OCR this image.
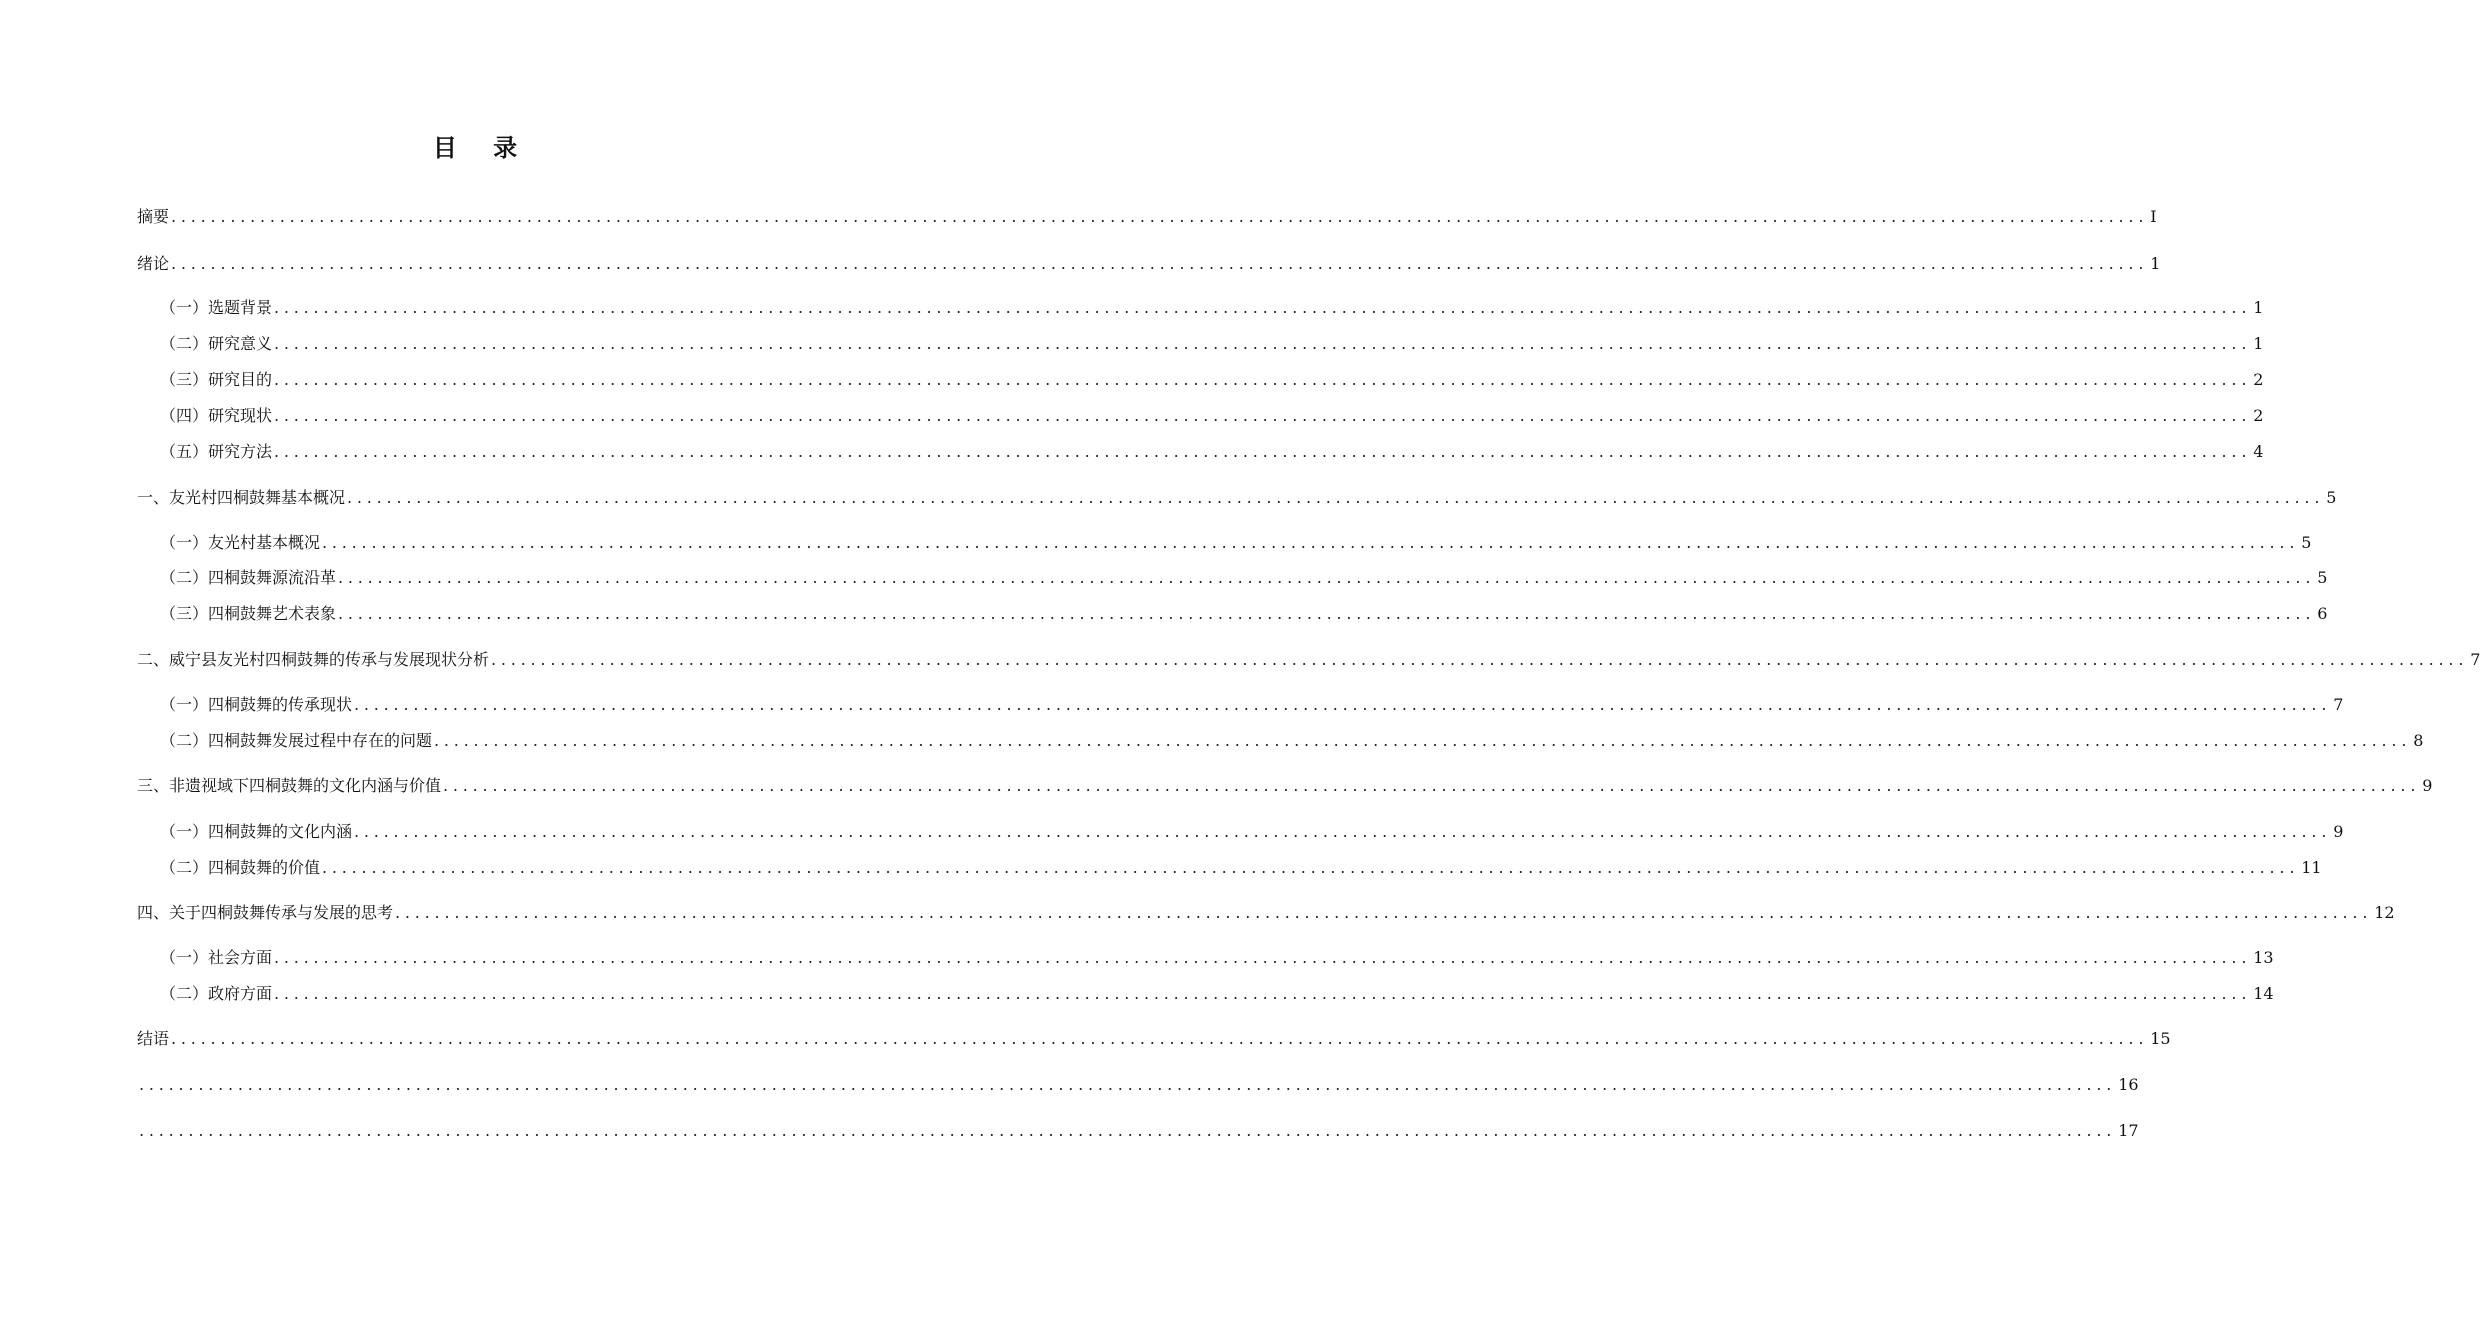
目 录
摘要 ........................................................................................................................................................................................................ I
绪论 ........................................................................................................................................................................................................ 1
（一）选题背景 ........................................................................................................................................................................................................ 1
（二）研究意义 ........................................................................................................................................................................................................ 1
（三）研究目的 ........................................................................................................................................................................................................ 2
（四）研究现状 ........................................................................................................................................................................................................ 2
（五）研究方法 ........................................................................................................................................................................................................ 4
一、友光村四桐鼓舞基本概况 ........................................................................................................................................................................................................ 5
（一）友光村基本概况 ........................................................................................................................................................................................................ 5
（二）四桐鼓舞源流沿革 ........................................................................................................................................................................................................ 5
（三）四桐鼓舞艺术表象 ........................................................................................................................................................................................................ 6
二、威宁县友光村四桐鼓舞的传承与发展现状分析 ........................................................................................................................................................................................................ 7
（一）四桐鼓舞的传承现状 ........................................................................................................................................................................................................ 7
（二）四桐鼓舞发展过程中存在的问题 ........................................................................................................................................................................................................ 8
三、非遗视域下四桐鼓舞的文化内涵与价值 ........................................................................................................................................................................................................ 9
（一）四桐鼓舞的文化内涵 ........................................................................................................................................................................................................ 9
（二）四桐鼓舞的价值 ........................................................................................................................................................................................................ 11
四、关于四桐鼓舞传承与发展的思考 ........................................................................................................................................................................................................ 12
（一）社会方面 ........................................................................................................................................................................................................ 13
（二）政府方面 ........................................................................................................................................................................................................ 14
结语 ........................................................................................................................................................................................................ 15
........................................................................................................................................................................................................ 16
........................................................................................................................................................................................................ 17
